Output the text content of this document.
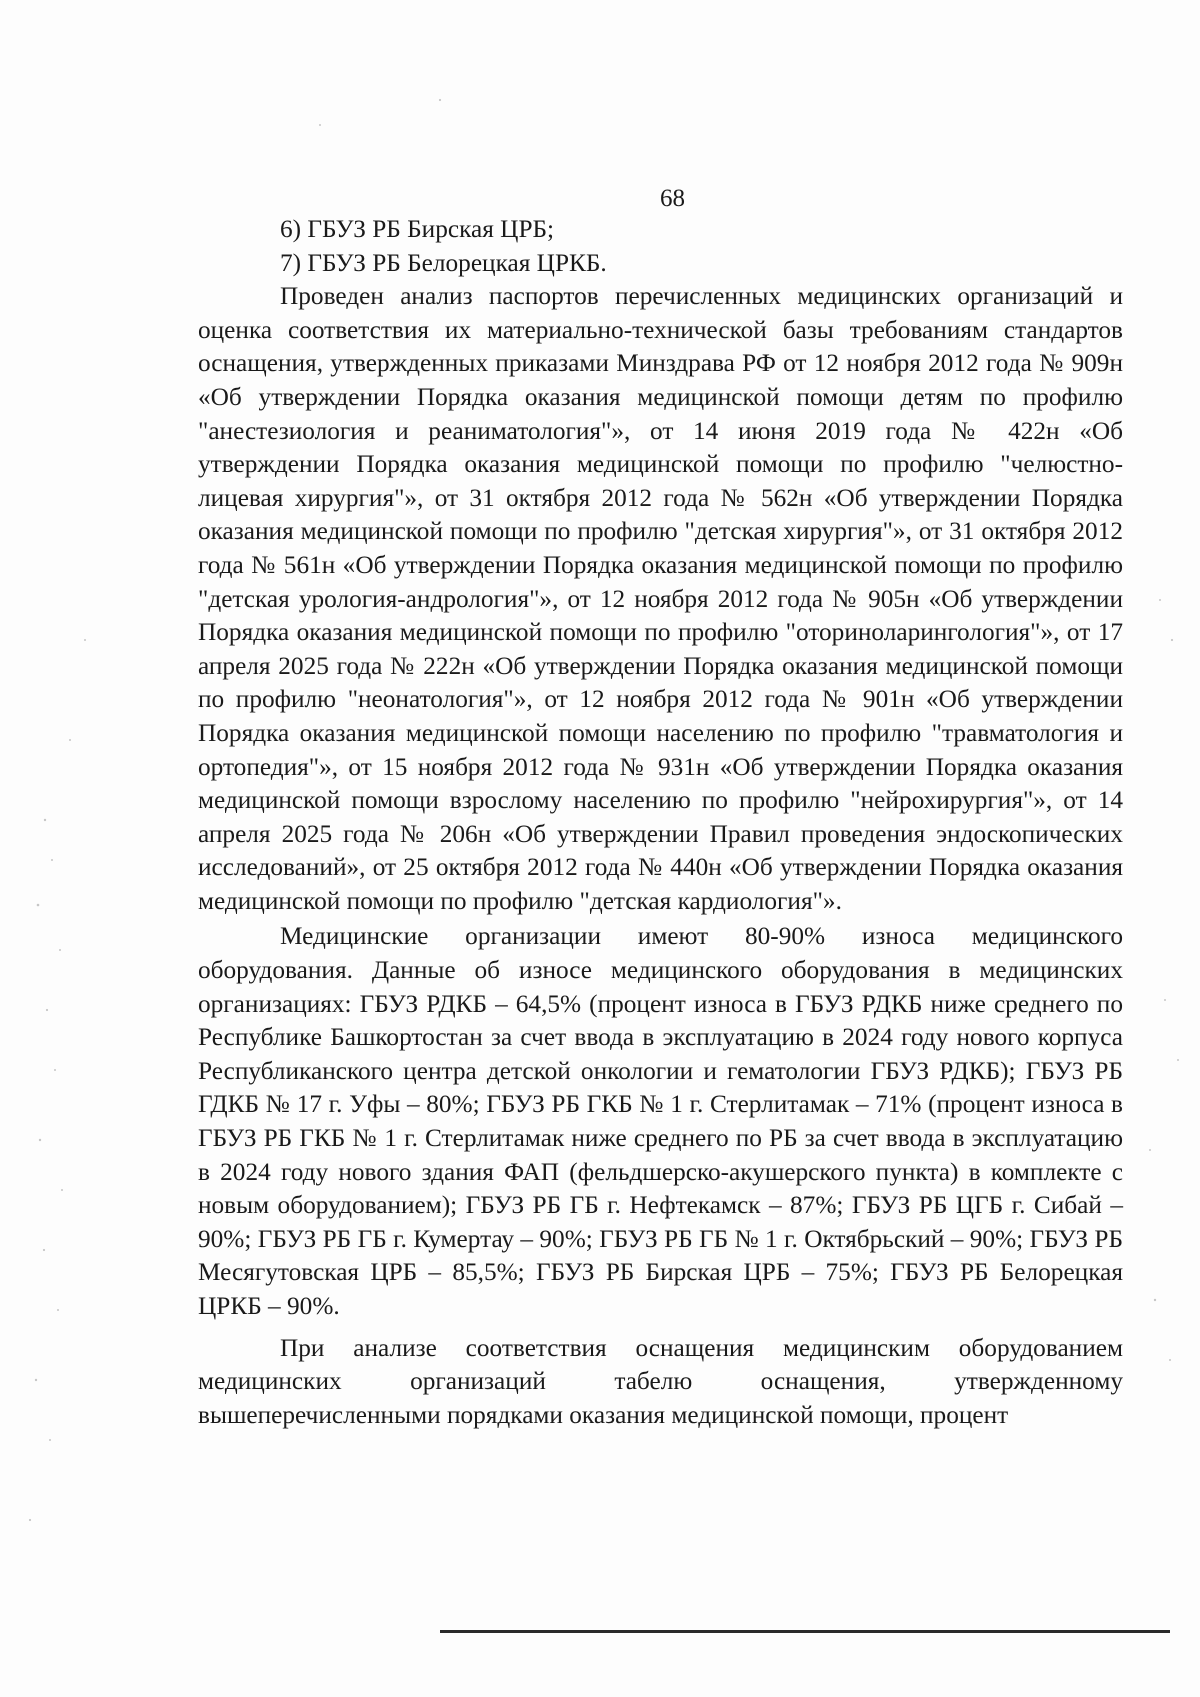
68

6) ГБУЗ РБ Бирская ЦРБ;

7) ГБУЗ РБ Белорецкая ЦРКБ.

Проведен анализ паспортов перечисленных медицинских организаций и оценка соответствия их материально-технической базы требованиям стандартов оснащения, утвержденных приказами Минздрава РФ от 12 ноября 2012 года № 909н «Об утверждении Порядка оказания медицинской помощи детям по профилю "анестезиология и реаниматология"», от 14 июня 2019 года № 422н «Об утверждении Порядка оказания медицинской помощи по профилю "челюстно-лицевая хирургия"», от 31 октября 2012 года № 562н «Об утверждении Порядка оказания медицинской помощи по профилю "детская хирургия"», от 31 октября 2012 года № 561н «Об утверждении Порядка оказания медицинской помощи по профилю "детская урология-андрология"», от 12 ноября 2012 года № 905н «Об утверждении Порядка оказания медицинской помощи по профилю "оториноларингология"», от 17 апреля 2025 года № 222н «Об утверждении Порядка оказания медицинской помощи по профилю "неонатология"», от 12 ноября 2012 года № 901н «Об утверждении Порядка оказания медицинской помощи населению по профилю "травматология и ортопедия"», от 15 ноября 2012 года № 931н «Об утверждении Порядка оказания медицинской помощи взрослому населению по профилю "нейрохирургия"», от 14 апреля 2025 года № 206н «Об утверждении Правил проведения эндоскопических исследований», от 25 октября 2012 года № 440н «Об утверждении Порядка оказания медицинской помощи по профилю "детская кардиология"».

Медицинские организации имеют 80-90% износа медицинского оборудования. Данные об износе медицинского оборудования в медицинских организациях: ГБУЗ РДКБ – 64,5% (процент износа в ГБУЗ РДКБ ниже среднего по Республике Башкортостан за счет ввода в эксплуатацию в 2024 году нового корпуса Республиканского центра детской онкологии и гематологии ГБУЗ РДКБ); ГБУЗ РБ ГДКБ № 17 г. Уфы – 80%; ГБУЗ РБ ГКБ № 1 г. Стерлитамак – 71% (процент износа в ГБУЗ РБ ГКБ № 1 г. Стерлитамак ниже среднего по РБ за счет ввода в эксплуатацию в 2024 году нового здания ФАП (фельдшерско-акушерского пункта) в комплекте с новым оборудованием); ГБУЗ РБ ГБ г. Нефтекамск – 87%; ГБУЗ РБ ЦГБ г. Сибай – 90%; ГБУЗ РБ ГБ г. Кумертау – 90%; ГБУЗ РБ ГБ № 1 г. Октябрьский – 90%; ГБУЗ РБ Месягутовская ЦРБ – 85,5%; ГБУЗ РБ Бирская ЦРБ – 75%; ГБУЗ РБ Белорецкая ЦРКБ – 90%.

При анализе соответствия оснащения медицинским оборудованием медицинских организаций табелю оснащения, утвержденному вышеперечисленными порядками оказания медицинской помощи, процент
